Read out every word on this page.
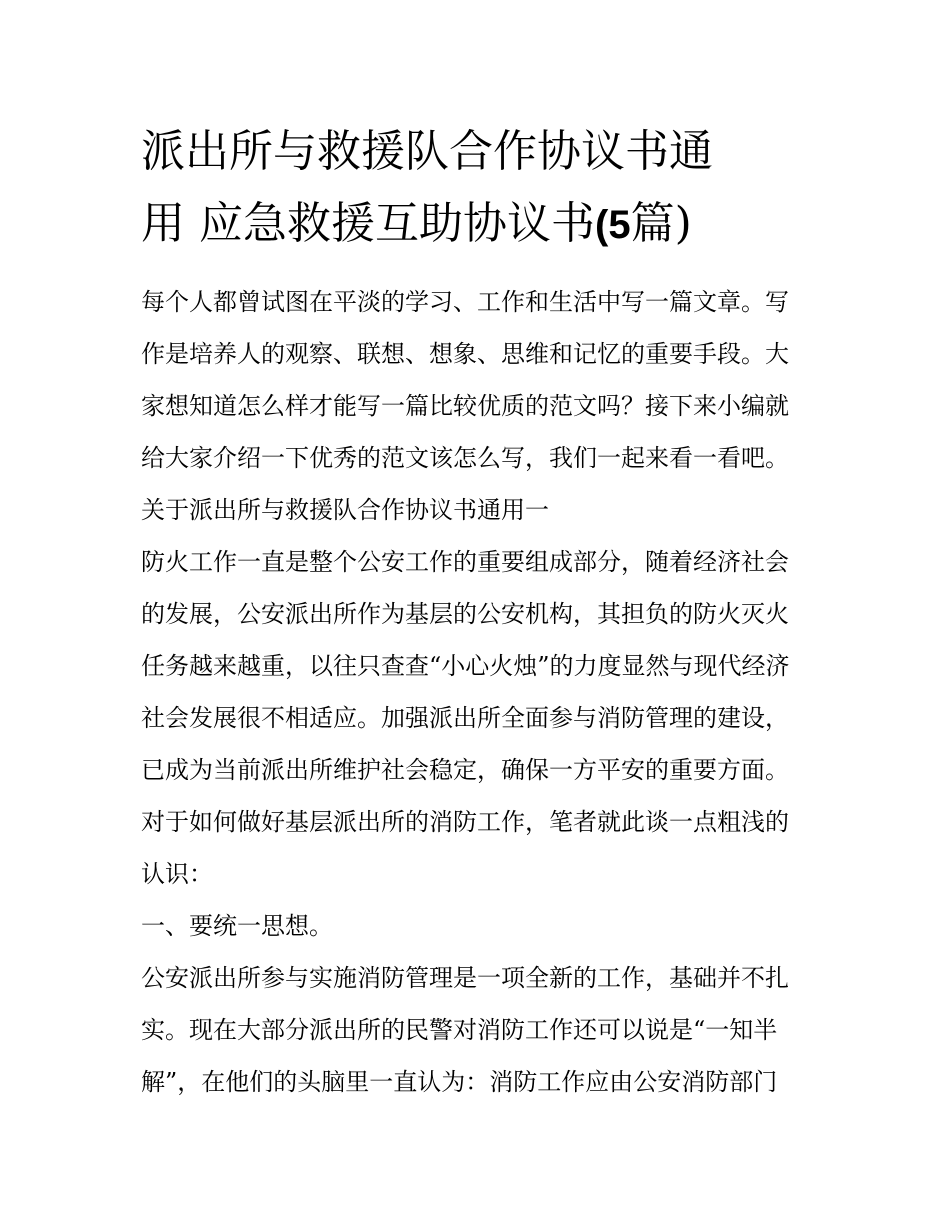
派出所与救援队合作协议书通
用 应急救援互助协议书(5篇)

每个人都曾试图在平淡的学习、工作和生活中写一篇文章。写

作是培养人的观察、联想、想象、思维和记忆的重要手段。大

家想知道怎么样才能写一篇比较优质的范文吗？接下来小编就

给大家介绍一下优秀的范文该怎么写，我们一起来看一看吧。

关于派出所与救援队合作协议书通用一

防火工作一直是整个公安工作的重要组成部分，随着经济社会

的发展，公安派出所作为基层的公安机构，其担负的防火灭火

任务越来越重，以往只查查“小心火烛”的力度显然与现代经济

社会发展很不相适应。加强派出所全面参与消防管理的建设，

已成为当前派出所维护社会稳定，确保一方平安的重要方面。

对于如何做好基层派出所的消防工作，笔者就此谈一点粗浅的

认识：

一、要统一思想。

公安派出所参与实施消防管理是一项全新的工作，基础并不扎

实。现在大部分派出所的民警对消防工作还可以说是“一知半

解”，在他们的头脑里一直认为：消防工作应由公安消防部门
